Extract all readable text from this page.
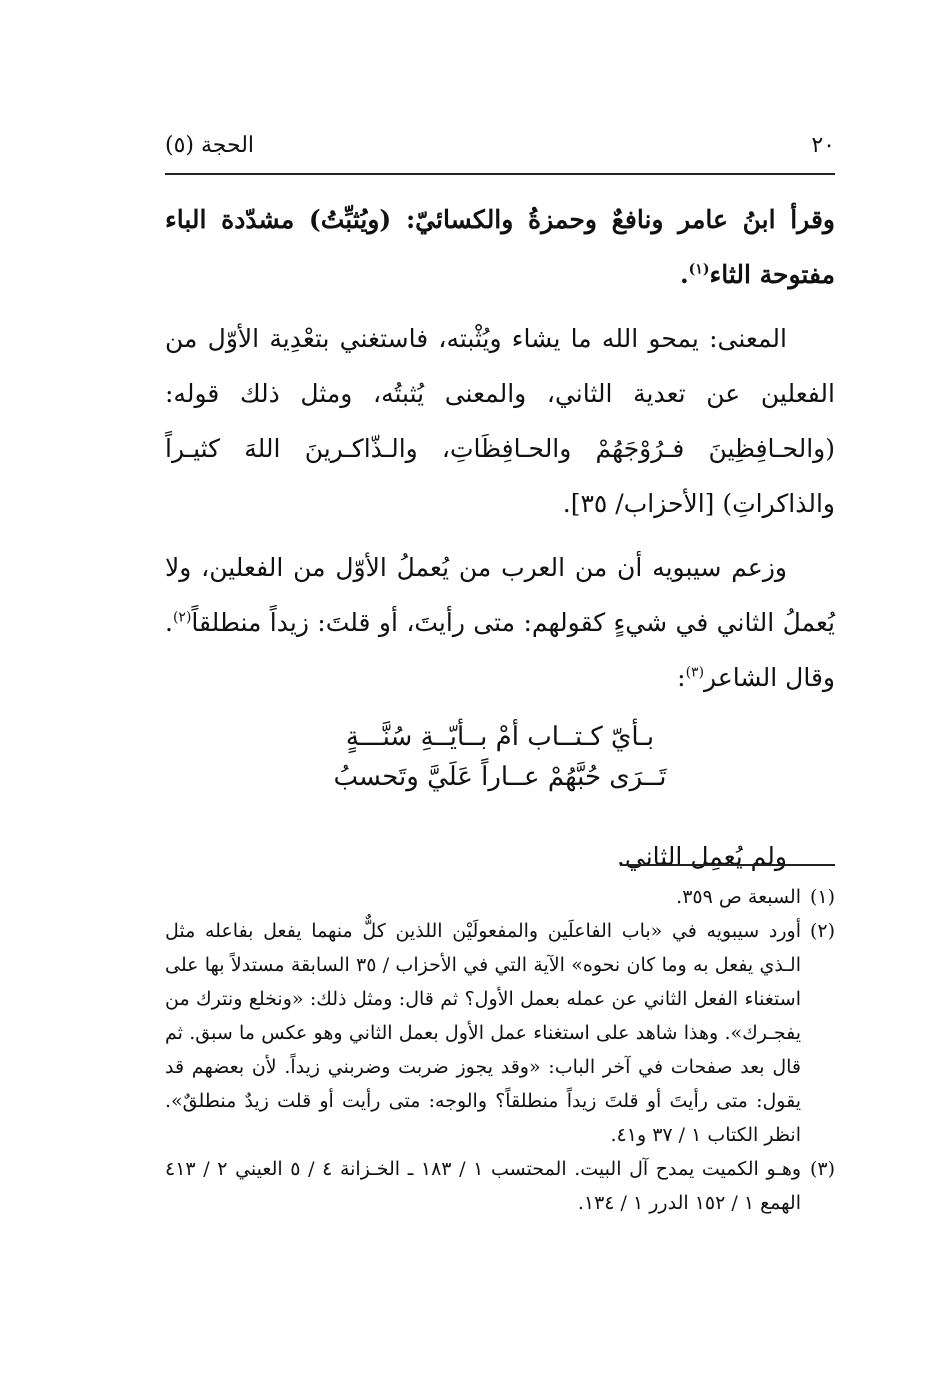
٢٠
الحجة (٥)

وقرأ ابنُ عامر ونافعٌ وحمزةُ والكسائيّ: (ويُثبِّتُ) مشدّدة الباء مفتوحة الثاء$^{(١)}$.

المعنى: يمحو الله ما يشاء ويُثْبته، فاستغني بتعْدِية الأوّل من الفعلين عن تعدية الثاني، والمعنى يُثبتُه، ومثل ذلك قوله: (والحـافِظِينَ فـرُوْجَهُمْ والحـافِظَاتِ، والـذّاكـرينَ اللهَ كثيـراً والذاكراتِ) [الأحزاب/ ٣٥].

وزعم سيبويه أن من العرب من يُعملُ الأوّل من الفعلين، ولا يُعملُ الثاني في شيءٍ كقولهم: متى رأيتَ، أو قلتَ: زيداً منطلقاً$^{(٢)}$. وقال الشاعر$^{(٣)}$:

بـأيّ كـتــاب أمْ بــأيّــةِ سُنَّـــةٍ
تَــرَى حُبَّهُمْ عــاراً عَلَيَّ وتَحسبُ
ولم يُعمِل الثاني.
(١)
السبعة ص ٣٥٩.
(٢)
أورد سيبويه في «باب الفاعلَين والمفعولَيْن اللذين كلٌّ منهما يفعل بفاعله مثل الـذي يفعل به وما كان نحوه» الآية التي في الأحزاب / ٣٥ السابقة مستدلاً بها على استغناء الفعل الثاني عن عمله بعمل الأول؟ ثم قال: ومثل ذلك: «ونخلع ونترك من يفجـرك». وهذا شاهد على استغناء عمل الأول بعمل الثاني وهو عكس ما سبق. ثم قال بعد صفحات في آخر الباب: «وقد يجوز ضربت وضربني زيداً. لأن بعضهم قد يقول: متى رأيتَ أو قلتَ زيداً منطلقاً؟ والوجه: متى رأيت أو قلت زيدٌ منطلقٌ». انظر الكتاب ١ / ٣٧ و٤١.
(٣)
وهـو الكميت يمدح آل البيت. المحتسب ١ / ١٨٣ ـ الخـزانة ٤ / ٥ العيني ٢ / ٤١٣ الهمع ١ / ١٥٢ الدرر ١ / ١٣٤.
